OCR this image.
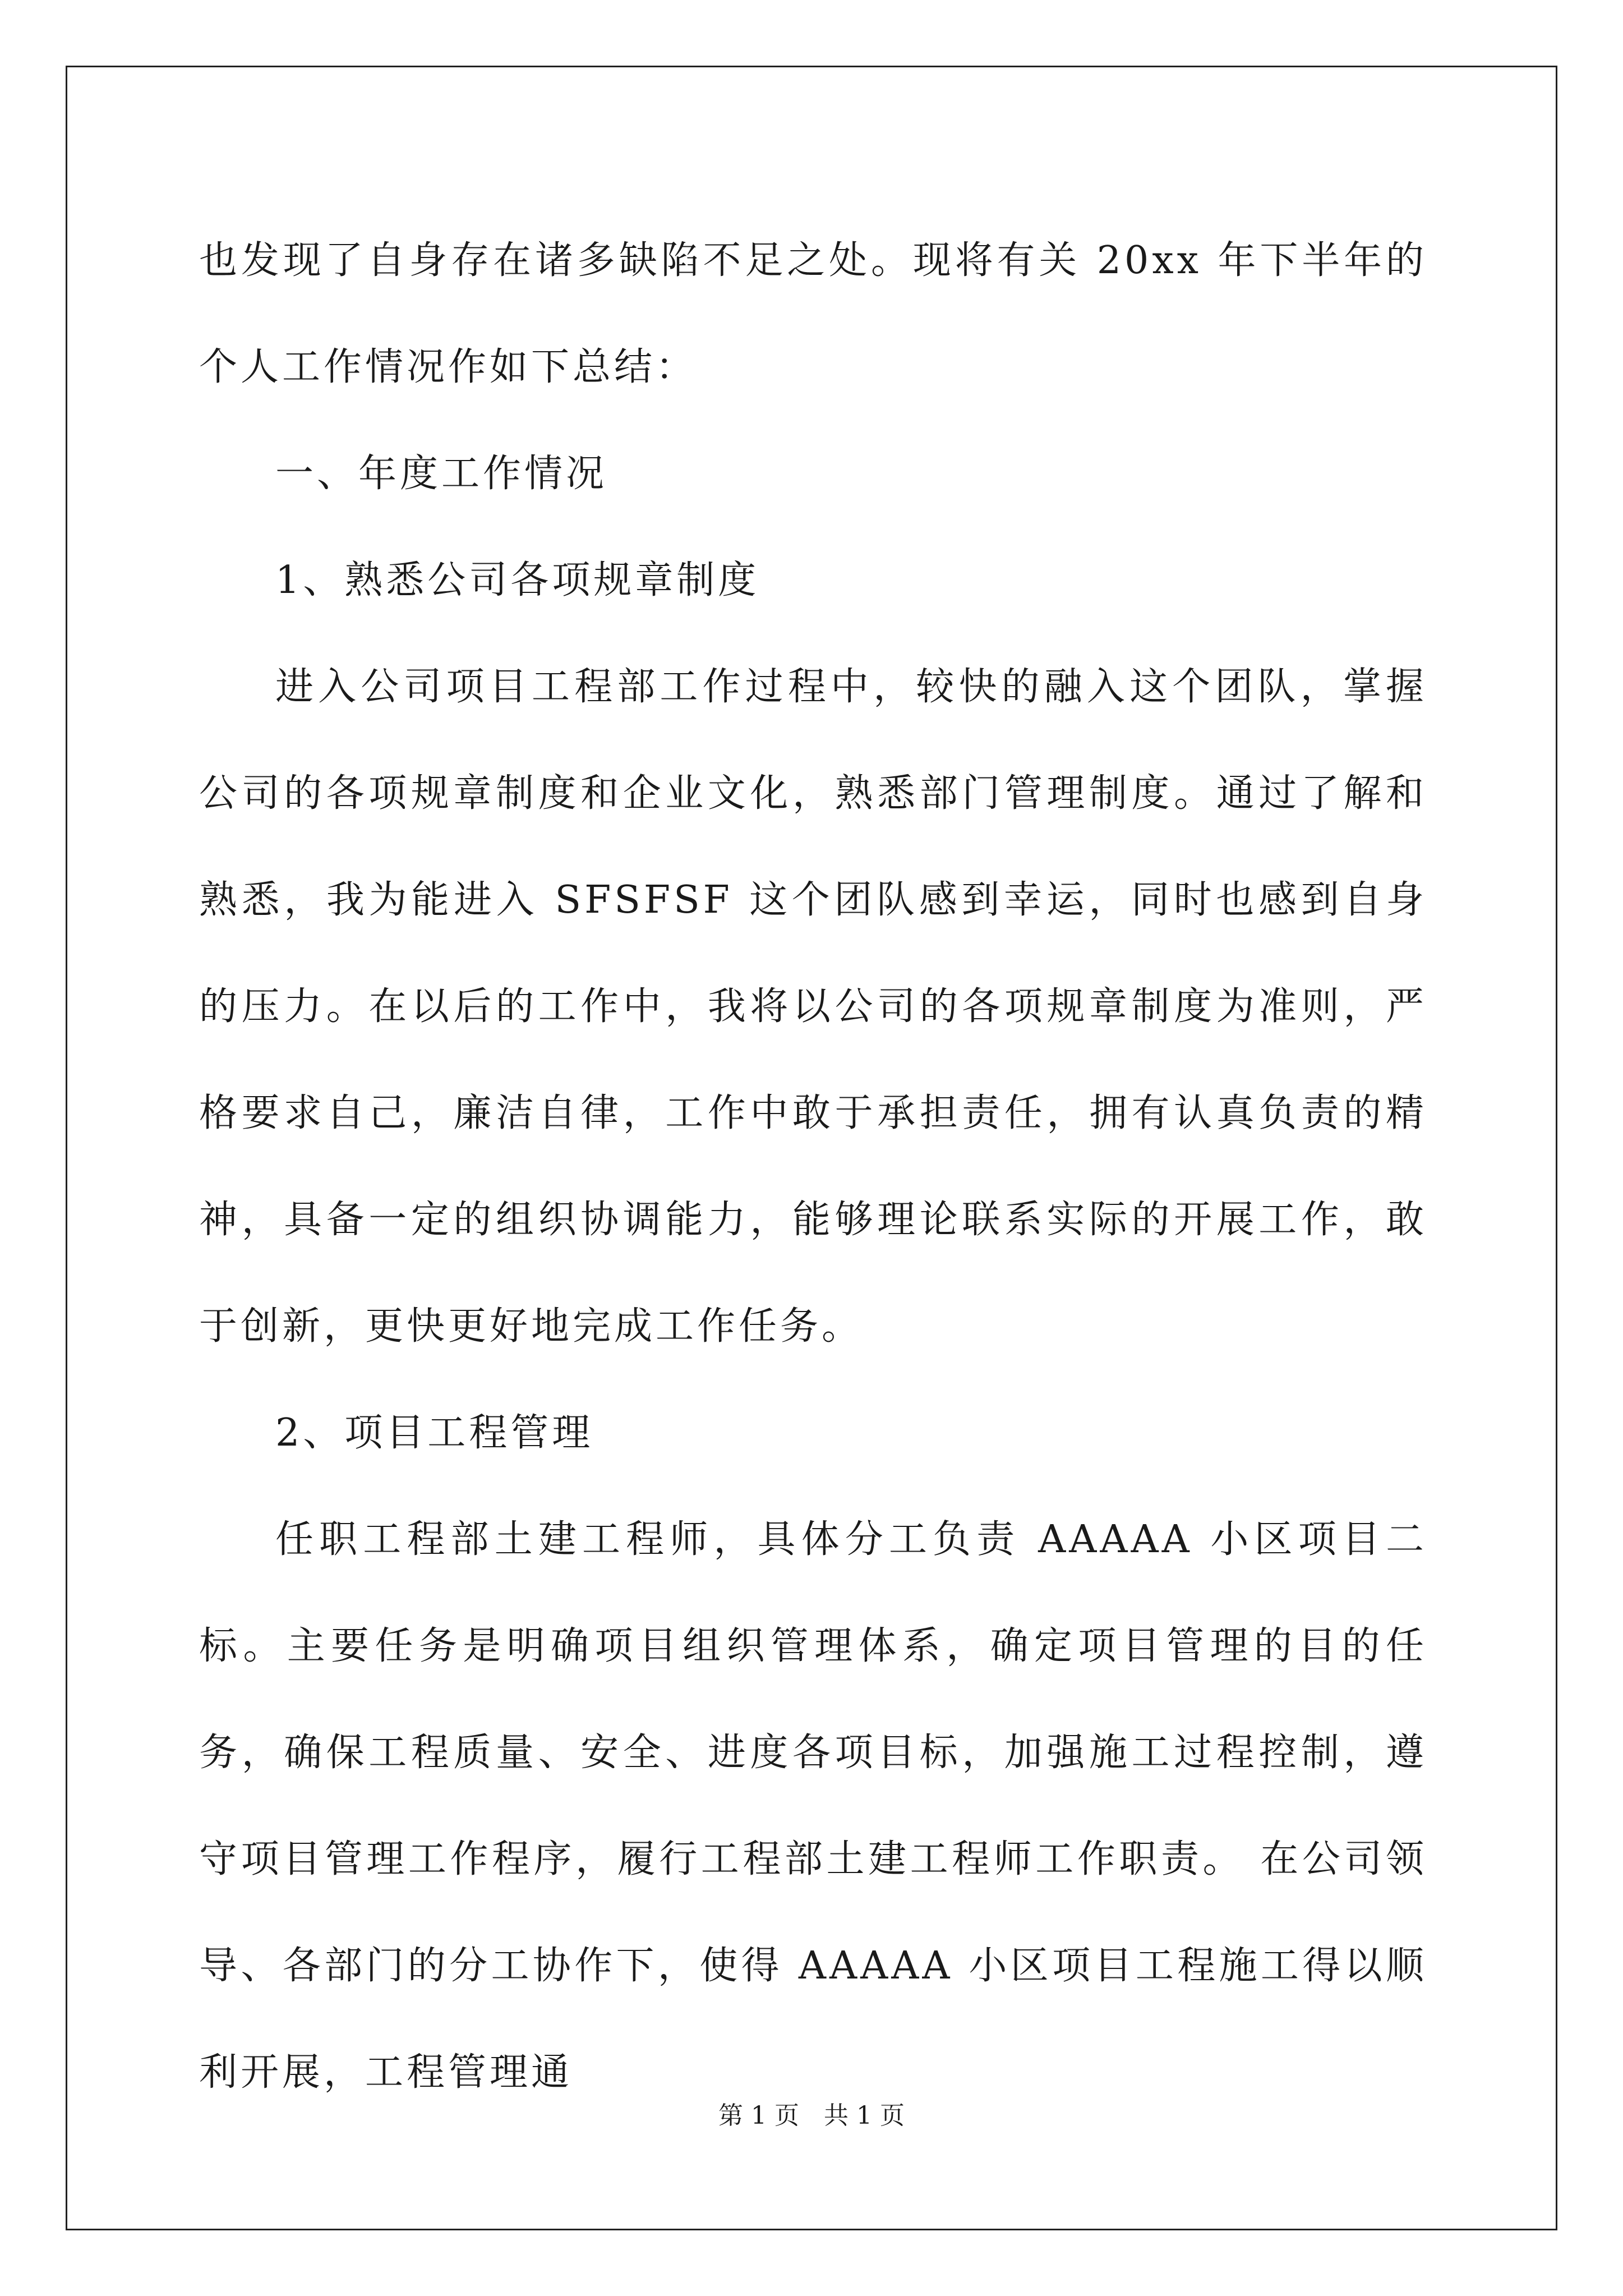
也发现了自身存在诸多缺陷不足之处。现将有关 20xx 年下半年的个人工作情况作如下总结：

一、年度工作情况

1、熟悉公司各项规章制度

进入公司项目工程部工作过程中，较快的融入这个团队，掌握公司的各项规章制度和企业文化，熟悉部门管理制度。通过了解和熟悉，我为能进入 SFSFSF 这个团队感到幸运，同时也感到自身的压力。在以后的工作中，我将以公司的各项规章制度为准则，严格要求自己，廉洁自律，工作中敢于承担责任，拥有认真负责的精神，具备一定的组织协调能力，能够理论联系实际的开展工作，敢于创新，更快更好地完成工作任务。

2、项目工程管理

任职工程部土建工程师，具体分工负责 AAAAA 小区项目二标。主要任务是明确项目组织管理体系，确定项目管理的目的任务，确保工程质量、安全、进度各项目标，加强施工过程控制，遵守项目管理工作程序，履行工程部土建工程师工作职责。 在公司领导、各部门的分工协作下，使得 AAAAA 小区项目工程施工得以顺利开展，工程管理通

第 1 页　共 1 页
